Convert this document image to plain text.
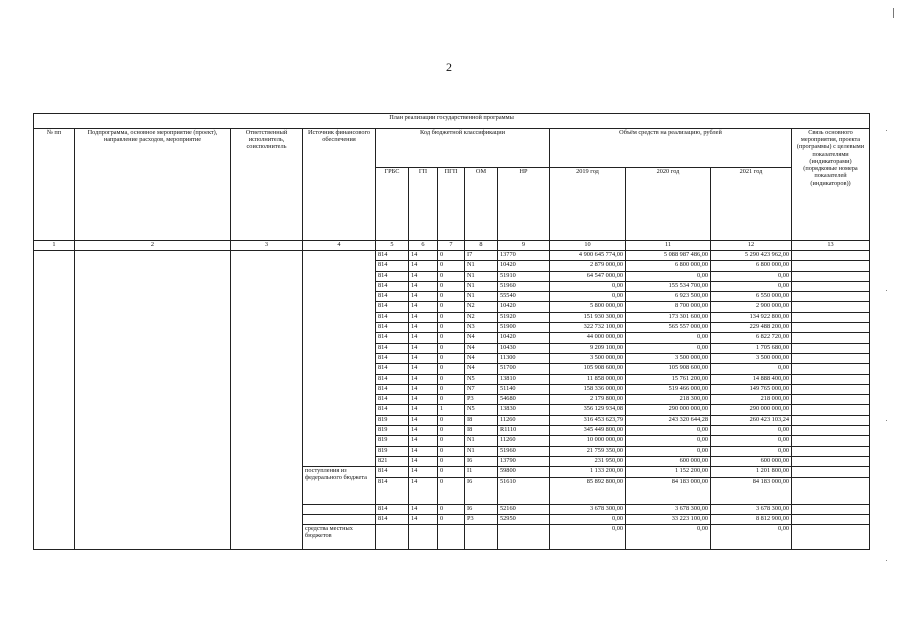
2
План реализации государственной программы												
№ пп	Подпрограмма, основное мероприятие (проект), направление расходов, мероприятие	Ответственный исполнитель, соисполнитель	Источник финансового обеспечения	Код бюджетной классификации					Объём средств на реализацию, рублей			Связь основного мероприятия, проекта (программы) с целевыми показателями (индикаторами) (порядковые номера показателей (индикаторов))
				ГРБС	ГП	ПГП	ОМ	НР	2019 год	2020 год	2021 год	
1	2	3	4	5	6	7	8	9	10	11	12	13
				814	14	0	I7	13770	4 900 645 774,00	5 088 987 486,00	5 290 423 962,00	
				814	14	0	N1	10420	2 879 000,00	6 800 000,00	6 800 000,00	
				814	14	0	N1	51910	64 547 000,00	0,00	0,00	
				814	14	0	N1	51960	0,00	155 534 700,00	0,00	
				814	14	0	N1	55540	0,00	6 923 500,00	6 550 000,00	
				814	14	0	N2	10420	5 800 000,00	8 700 000,00	2 900 000,00	
				814	14	0	N2	51920	151 930 300,00	173 301 600,00	134 922 800,00	
				814	14	0	N3	51900	322 732 100,00	565 557 000,00	229 488 200,00	
				814	14	0	N4	10420	44 000 000,00	0,00	6 822 720,00	
				814	14	0	N4	10430	9 209 100,00	0,00	1 705 680,00	
				814	14	0	N4	11300	3 500 000,00	3 500 000,00	3 500 000,00	
				814	14	0	N4	51700	105 908 600,00	105 908 600,00	0,00	
				814	14	0	N5	13810	11 858 000,00	15 761 200,00	14 888 400,00	
				814	14	0	N7	51140	158 336 000,00	519 466 000,00	149 765 000,00	
				814	14	0	P3	54680	2 179 800,00	218 300,00	218 000,00	
				814	14	1	N5	13830	356 129 934,08	290 000 000,00	290 000 000,00	
				819	14	0	I8	11260	316 453 623,79	243 320 644,28	260 423 103,24	
				819	14	0	I8	R1110	345 449 800,00	0,00	0,00	
				819	14	0	N1	11260	10 000 000,00	0,00	0,00	
				819	14	0	N1	51960	21 759 350,00	0,00	0,00	
				821	14	0	I6	13790	231 950,00	600 000,00	600 000,00	
			поступления из федерального бюджета	814	14	0	I1	59800	1 133 200,00	1 152 200,00	1 201 800,00	
				814	14	0	I6	51610	85 892 800,00	84 183 000,00	84 183 000,00	
				814	14	0	I6	52160	3 678 300,00	3 678 300,00	3 678 300,00	
				814	14	0	P3	52950	0,00	33 223 100,00	8 812 900,00	
			средства местных бюджетов						0,00	0,00	0,00	
